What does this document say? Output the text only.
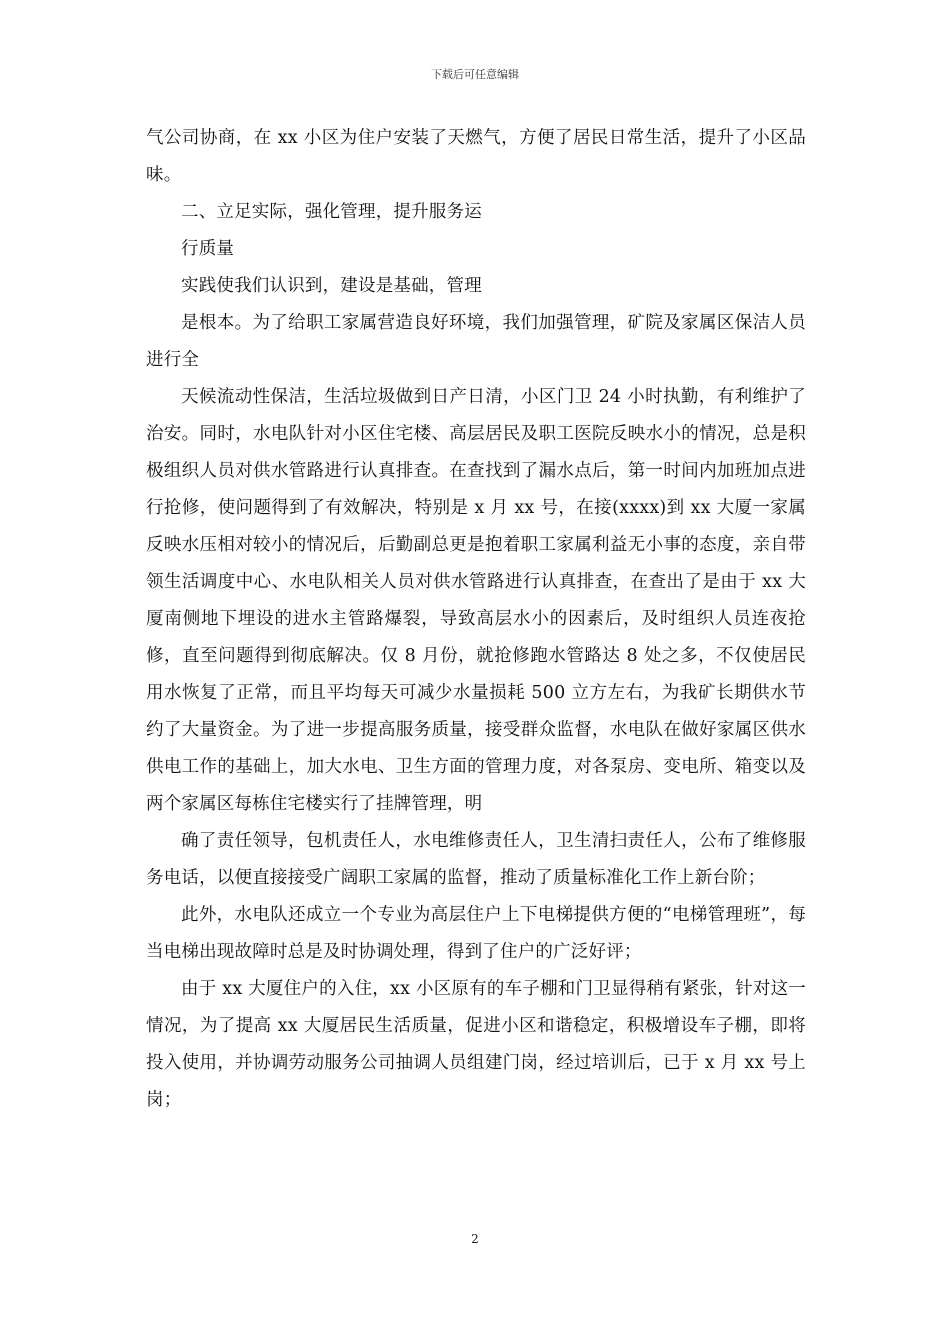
下载后可任意编辑

气公司协商，在 xx 小区为住户安装了天燃气，方便了居民日常生活，提升了小区品味。

二、立足实际，强化管理，提升服务运

行质量

实践使我们认识到，建设是基础，管理

是根本。为了给职工家属营造良好环境，我们加强管理，矿院及家属区保洁人员进行全

天候流动性保洁，生活垃圾做到日产日清，小区门卫 24 小时执勤，有利维护了治安。同时，水电队针对小区住宅楼、高层居民及职工医院反映水小的情况，总是积极组织人员对供水管路进行认真排查。在查找到了漏水点后，第一时间内加班加点进行抢修，使问题得到了有效解决，特别是 x 月 xx 号，在接(xxxx)到 xx 大厦一家属反映水压相对较小的情况后，后勤副总更是抱着职工家属利益无小事的态度，亲自带领生活调度中心、水电队相关人员对供水管路进行认真排查，在查出了是由于 xx 大厦南侧地下埋设的进水主管路爆裂，导致高层水小的因素后，及时组织人员连夜抢修，直至问题得到彻底解决。仅 8 月份，就抢修跑水管路达 8 处之多，不仅使居民用水恢复了正常，而且平均每天可减少水量损耗 500 立方左右，为我矿长期供水节约了大量资金。为了进一步提高服务质量，接受群众监督，水电队在做好家属区供水供电工作的基础上，加大水电、卫生方面的管理力度，对各泵房、变电所、箱变以及两个家属区每栋住宅楼实行了挂牌管理，明

确了责任领导，包机责任人，水电维修责任人，卫生清扫责任人，公布了维修服务电话，以便直接接受广阔职工家属的监督，推动了质量标准化工作上新台阶；

此外，水电队还成立一个专业为高层住户上下电梯提供方便的“电梯管理班”，每当电梯出现故障时总是及时协调处理，得到了住户的广泛好评；

由于 xx 大厦住户的入住，xx 小区原有的车子棚和门卫显得稍有紧张，针对这一情况，为了提高 xx 大厦居民生活质量，促进小区和谐稳定，积极增设车子棚，即将投入使用，并协调劳动服务公司抽调人员组建门岗，经过培训后，已于 x 月 xx 号上岗；

2
